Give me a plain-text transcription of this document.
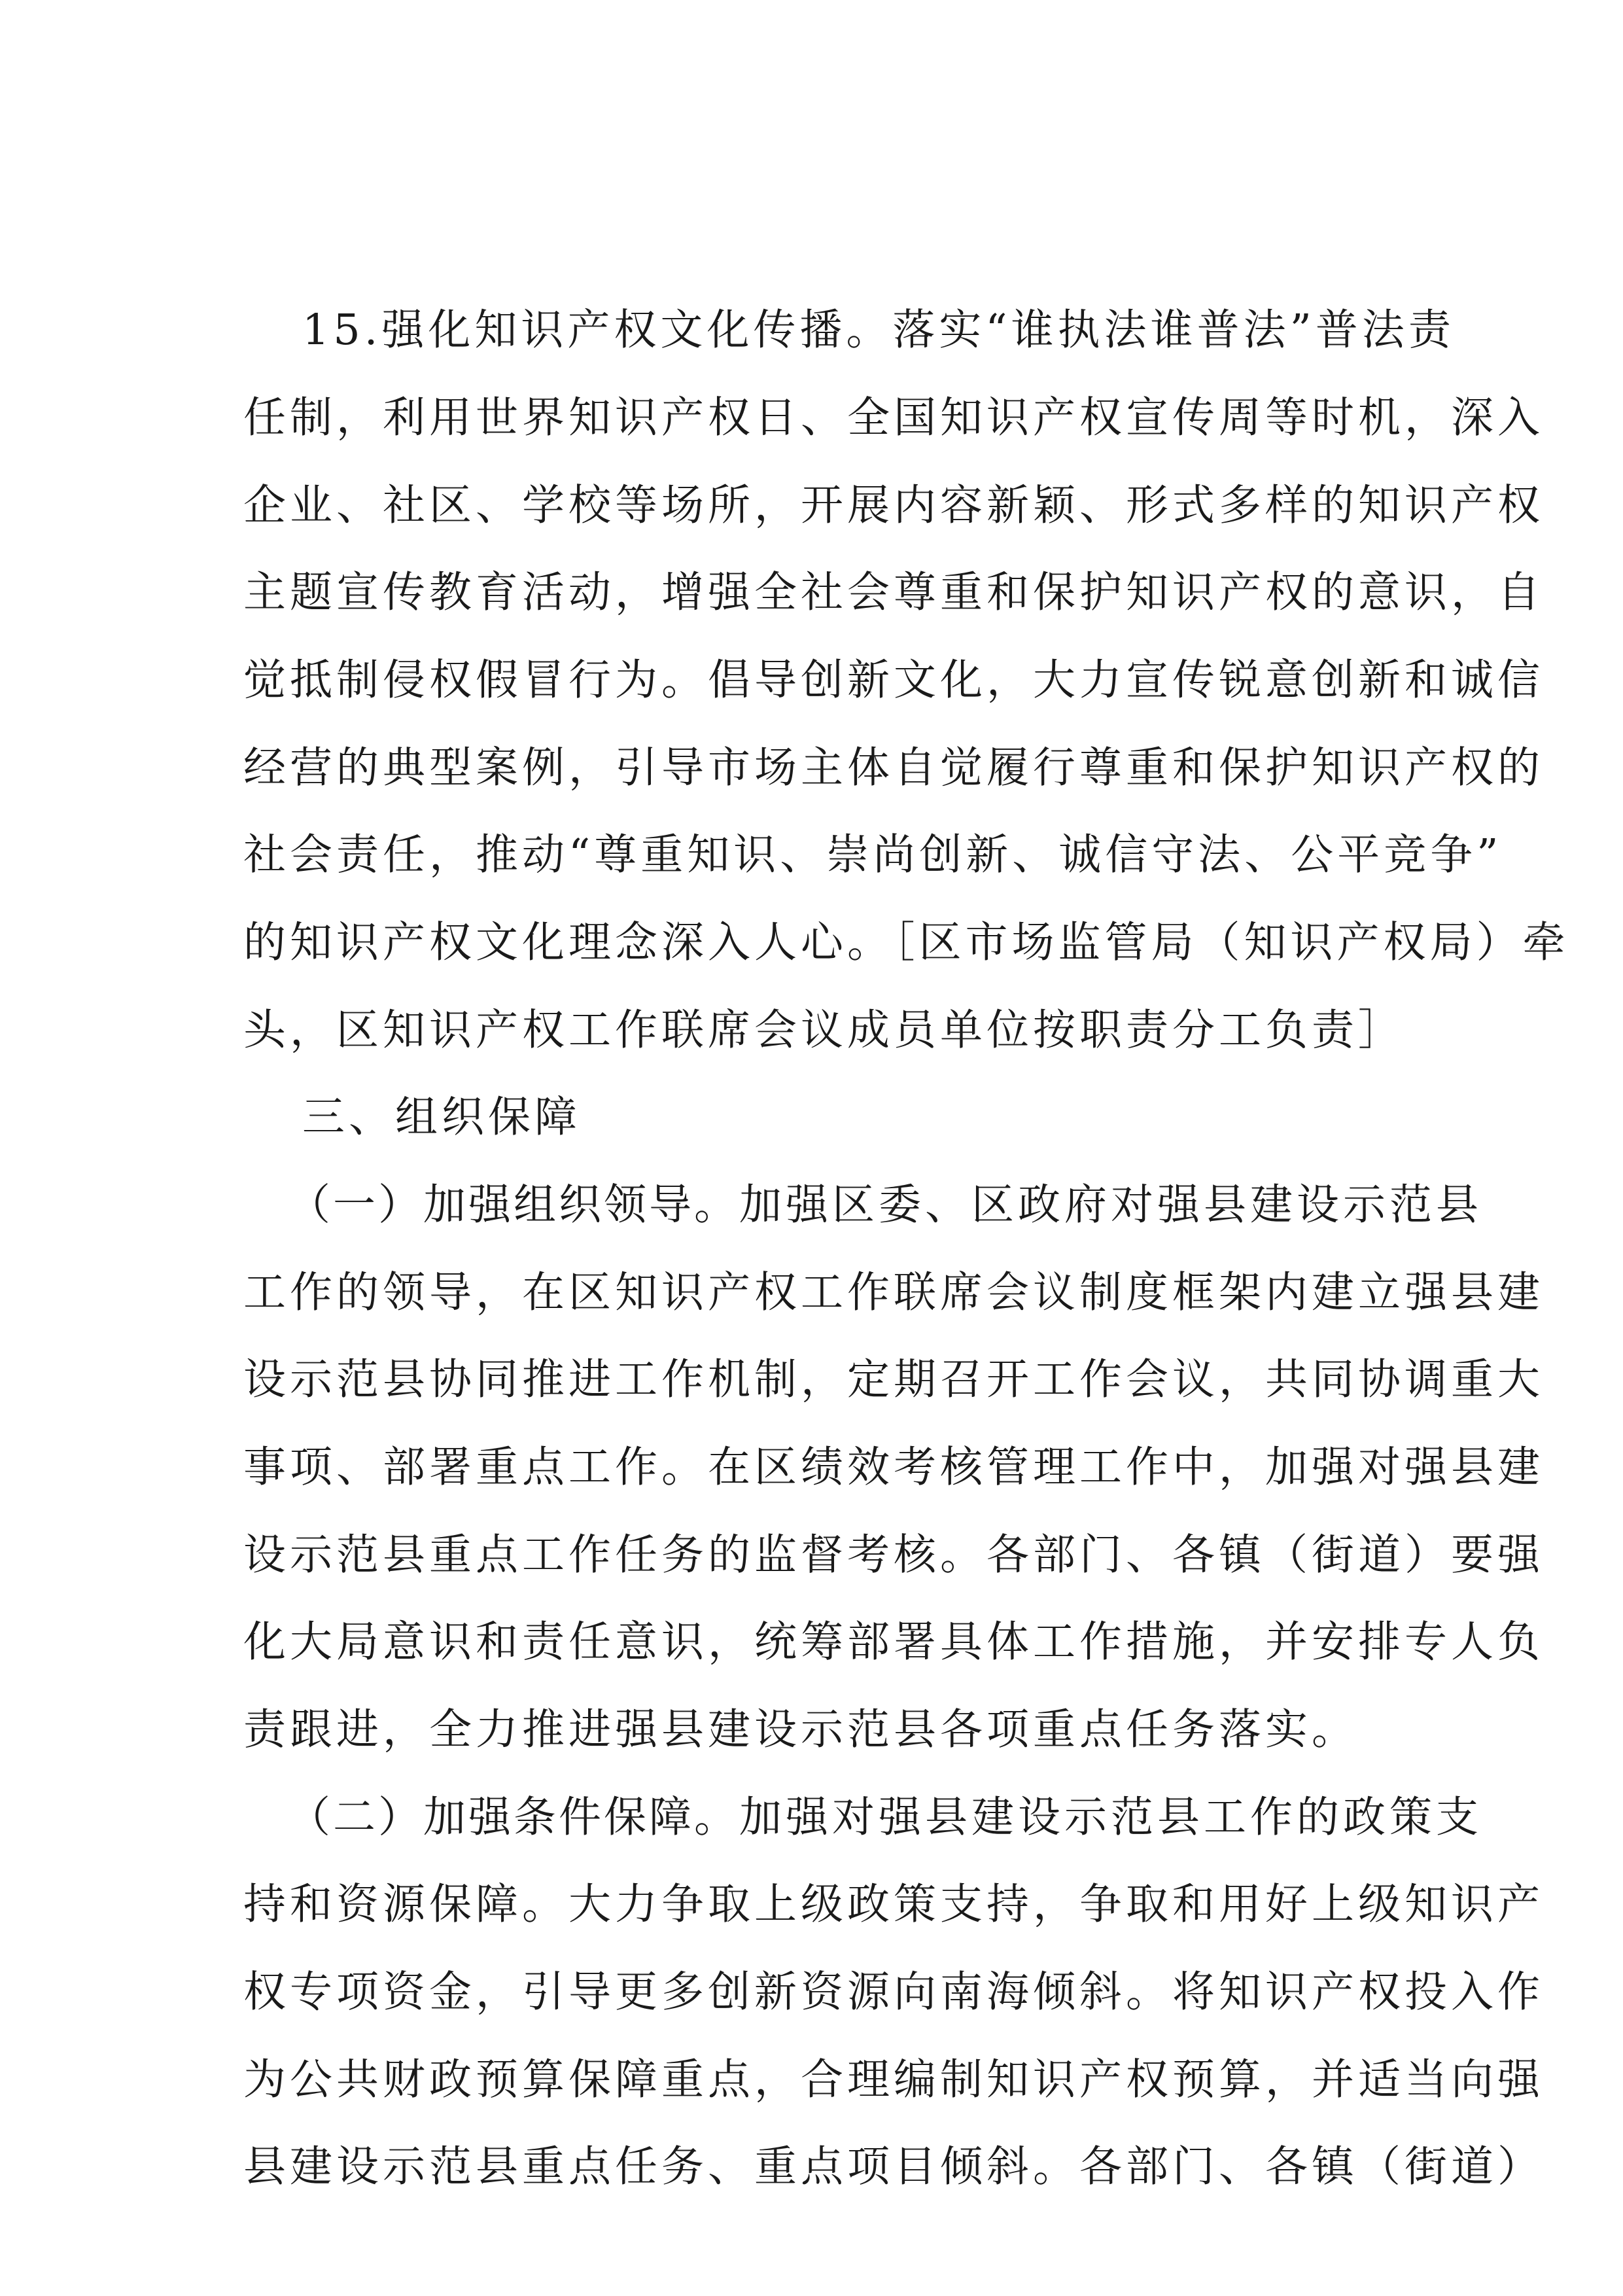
15.强化知识产权文化传播。落实“谁执法谁普法”普法责
任制，利用世界知识产权日、全国知识产权宣传周等时机，深入
企业、社区、学校等场所，开展内容新颖、形式多样的知识产权
主题宣传教育活动，增强全社会尊重和保护知识产权的意识，自
觉抵制侵权假冒行为。倡导创新文化，大力宣传锐意创新和诚信
经营的典型案例，引导市场主体自觉履行尊重和保护知识产权的
社会责任，推动“尊重知识、崇尚创新、诚信守法、公平竞争”
的知识产权文化理念深入人心。［区市场监管局（知识产权局）牵
头，区知识产权工作联席会议成员单位按职责分工负责］
三、组织保障
（一）加强组织领导。加强区委、区政府对强县建设示范县
工作的领导，在区知识产权工作联席会议制度框架内建立强县建
设示范县协同推进工作机制，定期召开工作会议，共同协调重大
事项、部署重点工作。在区绩效考核管理工作中，加强对强县建
设示范县重点工作任务的监督考核。各部门、各镇（街道）要强
化大局意识和责任意识，统筹部署具体工作措施，并安排专人负
责跟进，全力推进强县建设示范县各项重点任务落实。
（二）加强条件保障。加强对强县建设示范县工作的政策支
持和资源保障。大力争取上级政策支持，争取和用好上级知识产
权专项资金，引导更多创新资源向南海倾斜。将知识产权投入作
为公共财政预算保障重点，合理编制知识产权预算，并适当向强
县建设示范县重点任务、重点项目倾斜。各部门、各镇（街道）
